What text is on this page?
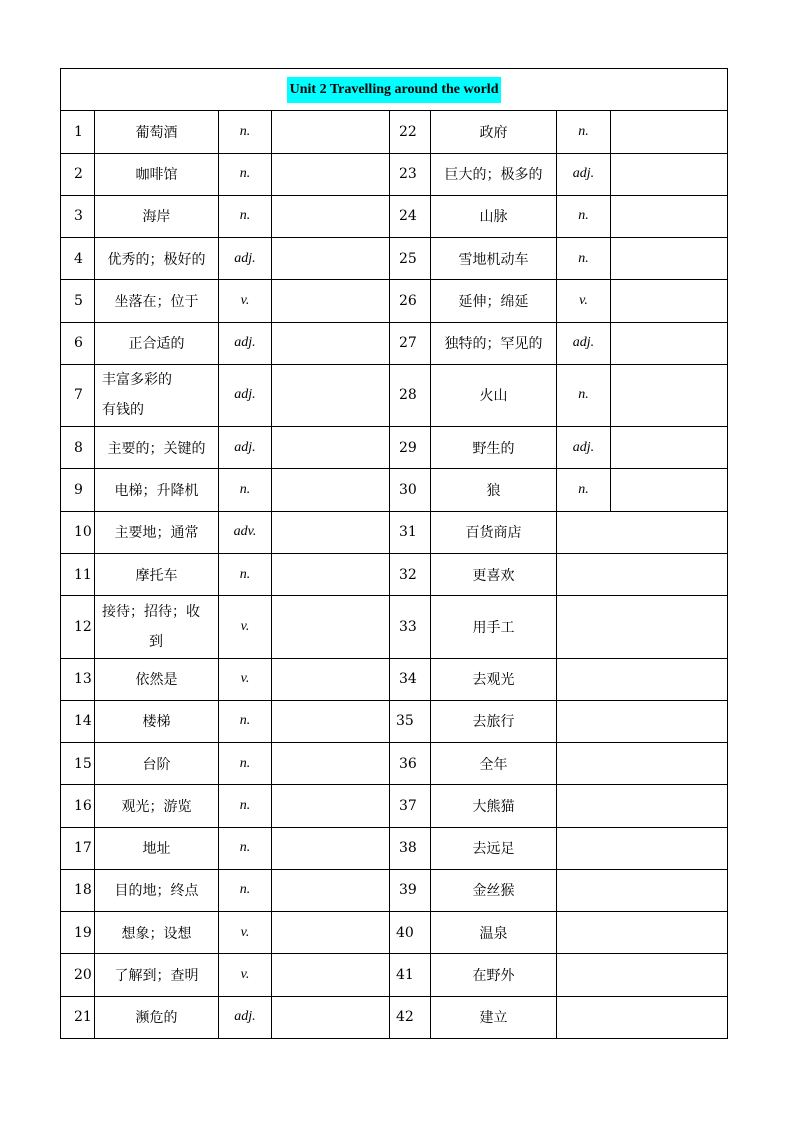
Unit 2 Travelling around the world							
1	葡萄酒	n.		22	政府	n.	
2	咖啡馆	n.		23	巨大的；极多的	adj.	
3	海岸	n.		24	山脉	n.	
4	优秀的；极好的	adj.		25	雪地机动车	n.	
5	坐落在；位于	v.		26	延伸；绵延	v.	
6	正合适的	adj.		27	独特的；罕见的	adj.	
7	丰富多彩的
有钱的	adj.		28	火山	n.	
8	主要的；关键的	adj.		29	野生的	adj.	
9	电梯；升降机	n.		30	狼	n.	
10	主要地；通常	adv.		31	百货商店		
11	摩托车	n.		32	更喜欢		
12	接待；招待；收
到	v.		33	用手工		
13	依然是	v.		34	去观光		
14	楼梯	n.		35	去旅行		
15	台阶	n.		36	全年		
16	观光；游览	n.		37	大熊猫		
17	地址	n.		38	去远足		
18	目的地；终点	n.		39	金丝猴		
19	想象；设想	v.		40	温泉		
20	了解到；查明	v.		41	在野外		
21	濒危的	adj.		42	建立		
